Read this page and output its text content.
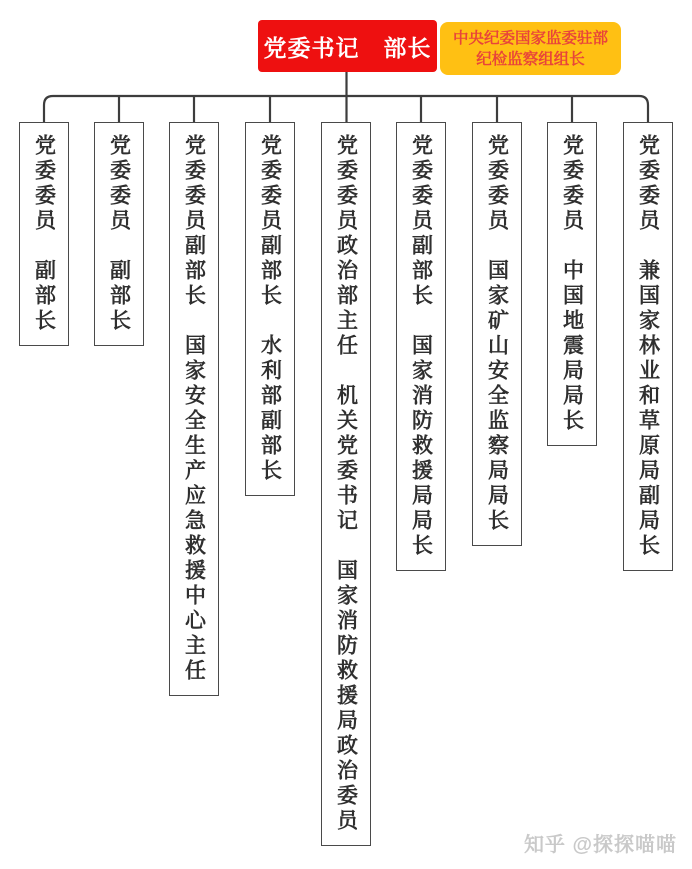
党委书记　部长 中央纪委国家监委驻部
纪检监察组组长
党委委员　副部长 党委委员　副部长 党委委员副部长　国家安全生产应急救援中心主任	党委委员副部长　水利部副部长	党委委员政治部主任　机关党委书记　国家消防救援局政治委员 党委委员副部长　国家消防救援局局长	党委委员　国家矿山安全监察局局长 党委委员　中国地震局局长	党委委员　兼国家林业和草原局副局长
知乎 @探探喵喵
